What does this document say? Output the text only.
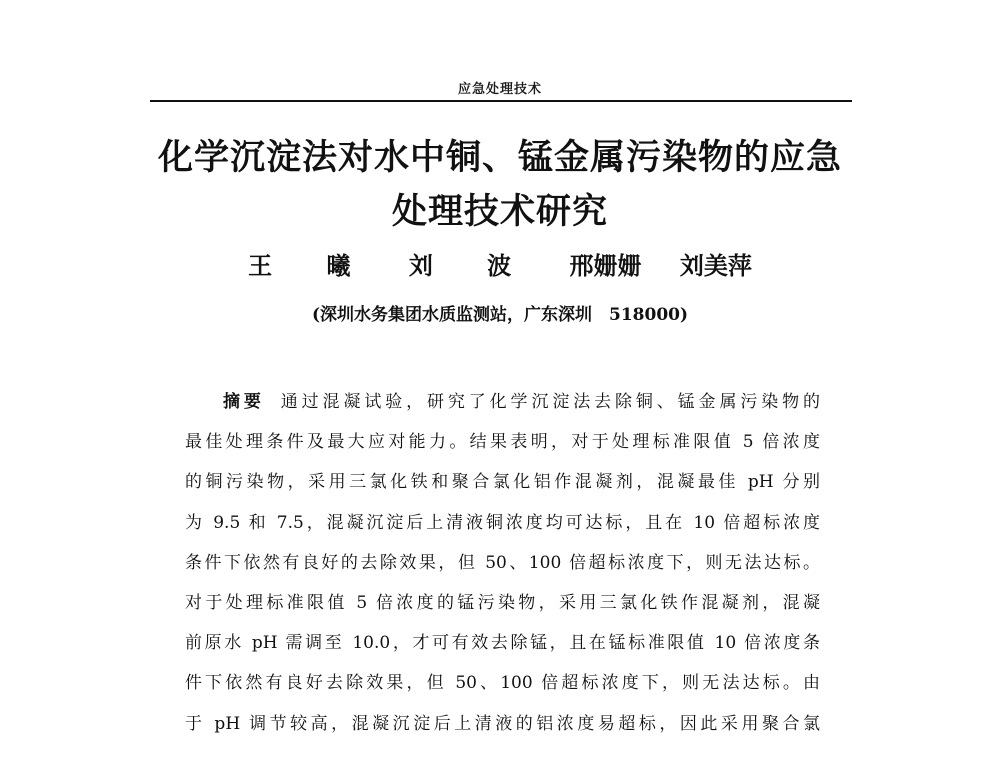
应急处理技术
化学沉淀法对水中铜、锰金属污染物的应急
处理技术研究
王 曦 刘 波 邢姗姗 刘美萍
(深圳水务集团水质监测站，广东深圳　518000)
摘要 通过混凝试验，研究了化学沉淀法去除铜、锰金属污染物的
最佳处理条件及最大应对能力。结果表明，对于处理标准限值 5 倍浓度
的铜污染物，采用三氯化铁和聚合氯化铝作混凝剂，混凝最佳 pH 分别
为 9.5 和 7.5，混凝沉淀后上清液铜浓度均可达标，且在 10 倍超标浓度
条件下依然有良好的去除效果，但 50、100 倍超标浓度下，则无法达标。
对于处理标准限值 5 倍浓度的锰污染物，采用三氯化铁作混凝剂，混凝
前原水 pH 需调至 10.0，才可有效去除锰，且在锰标准限值 10 倍浓度条
件下依然有良好去除效果，但 50、100 倍超标浓度下，则无法达标。由
于 pH 调节较高，混凝沉淀后上清液的铝浓度易超标，因此采用聚合氯
